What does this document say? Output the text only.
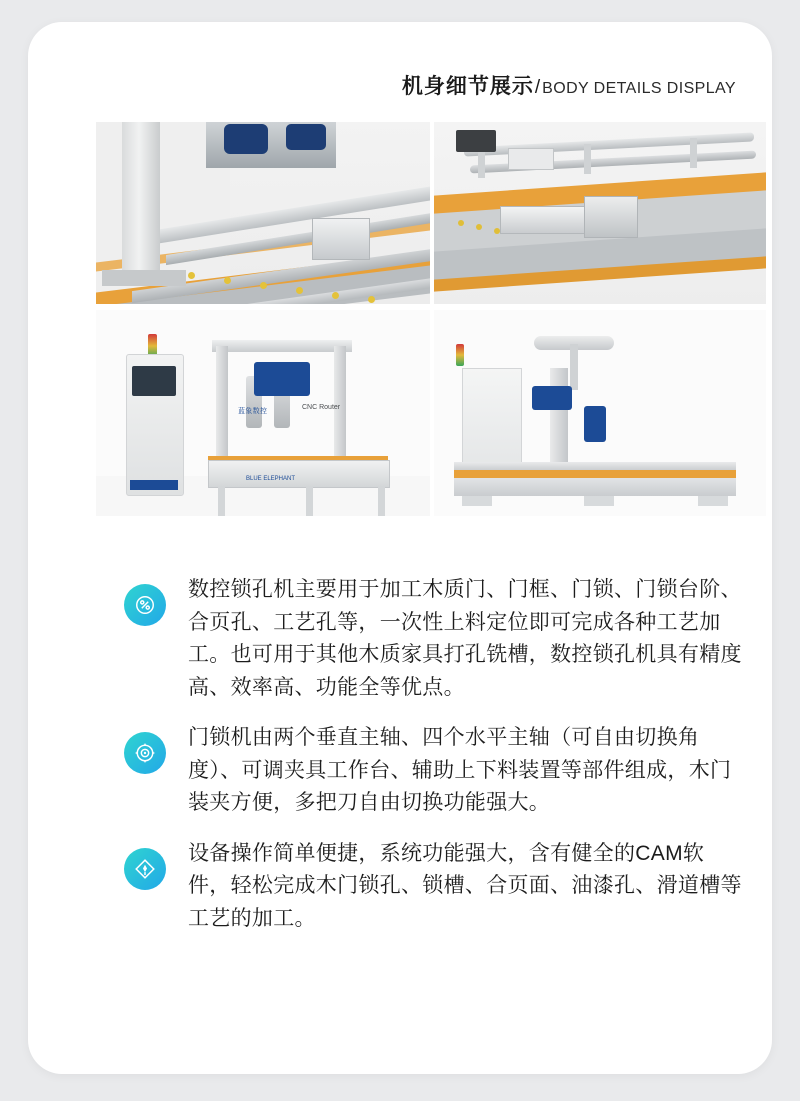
机身细节展示 / BODY DETAILS DISPLAY
蓝象数控
CNC Router
BLUE ELEPHANT
数控锁孔机主要用于加工木质门、门框、门锁、门锁台阶、合页孔、工艺孔等，一次性上料定位即可完成各种工艺加工。也可用于其他木质家具打孔铣槽，数控锁孔机具有精度高、效率高、功能全等优点。
门锁机由两个垂直主轴、四个水平主轴（可自由切换角度）、可调夹具工作台、辅助上下料装置等部件组成，木门装夹方便，多把刀自由切换功能强大。
设备操作简单便捷，系统功能强大，含有健全的CAM软件，轻松完成木门锁孔、锁槽、合页面、油漆孔、滑道槽等工艺的加工。
